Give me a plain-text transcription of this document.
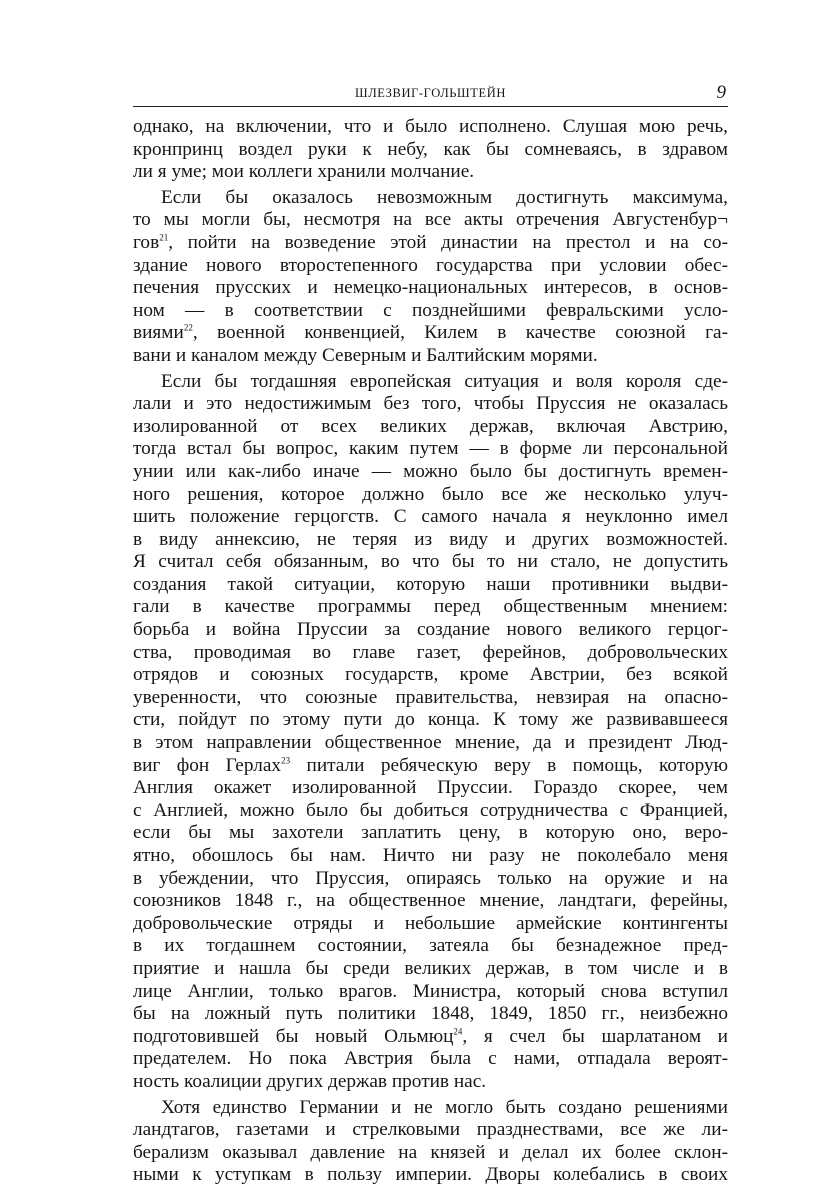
ШЛЕЗВИГ-ГОЛЬШТЕЙН	9
однако, на включении, что и было исполнено. Слушая мою речь,
кронпринц воздел руки к небу, как бы сомневаясь, в здравом
ли я уме; мои коллеги хранили молчание.
Если бы оказалось невозможным достигнуть максимума,
то мы могли бы, несмотря на все акты отречения Августенбур¬
гов$^{21}$, пойти на возведение этой династии на престол и на со-
здание нового второстепенного государства при условии обес-
печения прусских и немецко-национальных интересов, в основ-
ном — в соответствии с позднейшими февральскими усло-
виями$^{22}$, военной конвенцией, Килем в качестве союзной га-
вани и каналом между Северным и Балтийским морями.
Если бы тогдашняя европейская ситуация и воля короля сде-
лали и это недостижимым без того, чтобы Пруссия не оказалась
изолированной от всех великих держав, включая Австрию,
тогда встал бы вопрос, каким путем — в форме ли персональной
унии или как-либо иначе — можно было бы достигнуть времен-
ного решения, которое должно было все же несколько улуч-
шить положение герцогств. С самого начала я неуклонно имел
в виду аннексию, не теряя из виду и других возможностей.
Я считал себя обязанным, во что бы то ни стало, не допустить
создания такой ситуации, которую наши противники выдви-
гали в качестве программы перед общественным мнением:
борьба и война Пруссии за создание нового великого герцог-
ства, проводимая во главе газет, ферейнов, добровольческих
отрядов и союзных государств, кроме Австрии, без всякой
уверенности, что союзные правительства, невзирая на опасно-
сти, пойдут по этому пути до конца. К тому же развивавшееся
в этом направлении общественное мнение, да и президент Люд-
виг фон Герлах$^{23}$ питали ребяческую веру в помощь, которую
Англия окажет изолированной Пруссии. Гораздо скорее, чем
с Англией, можно было бы добиться сотрудничества с Францией,
если бы мы захотели заплатить цену, в которую оно, веро-
ятно, обошлось бы нам. Ничто ни разу не поколебало меня
в убеждении, что Пруссия, опираясь только на оружие и на
союзников 1848 г., на общественное мнение, ландтаги, ферейны,
добровольческие отряды и небольшие армейские контингенты
в их тогдашнем состоянии, затеяла бы безнадежное пред-
приятие и нашла бы среди великих держав, в том числе и в
лице Англии, только врагов. Министра, который снова вступил
бы на ложный путь политики 1848, 1849, 1850 гг., неизбежно
подготовившей бы новый Ольмюц$^{24}$, я счел бы шарлатаном и
предателем. Но пока Австрия была с нами, отпадала вероят-
ность коалиции других держав против нас.
Хотя единство Германии и не могло быть создано решениями
ландтагов, газетами и стрелковыми празднествами, все же ли-
берализм оказывал давление на князей и делал их более склон-
ными к уступкам в пользу империи. Дворы колебались в своих
